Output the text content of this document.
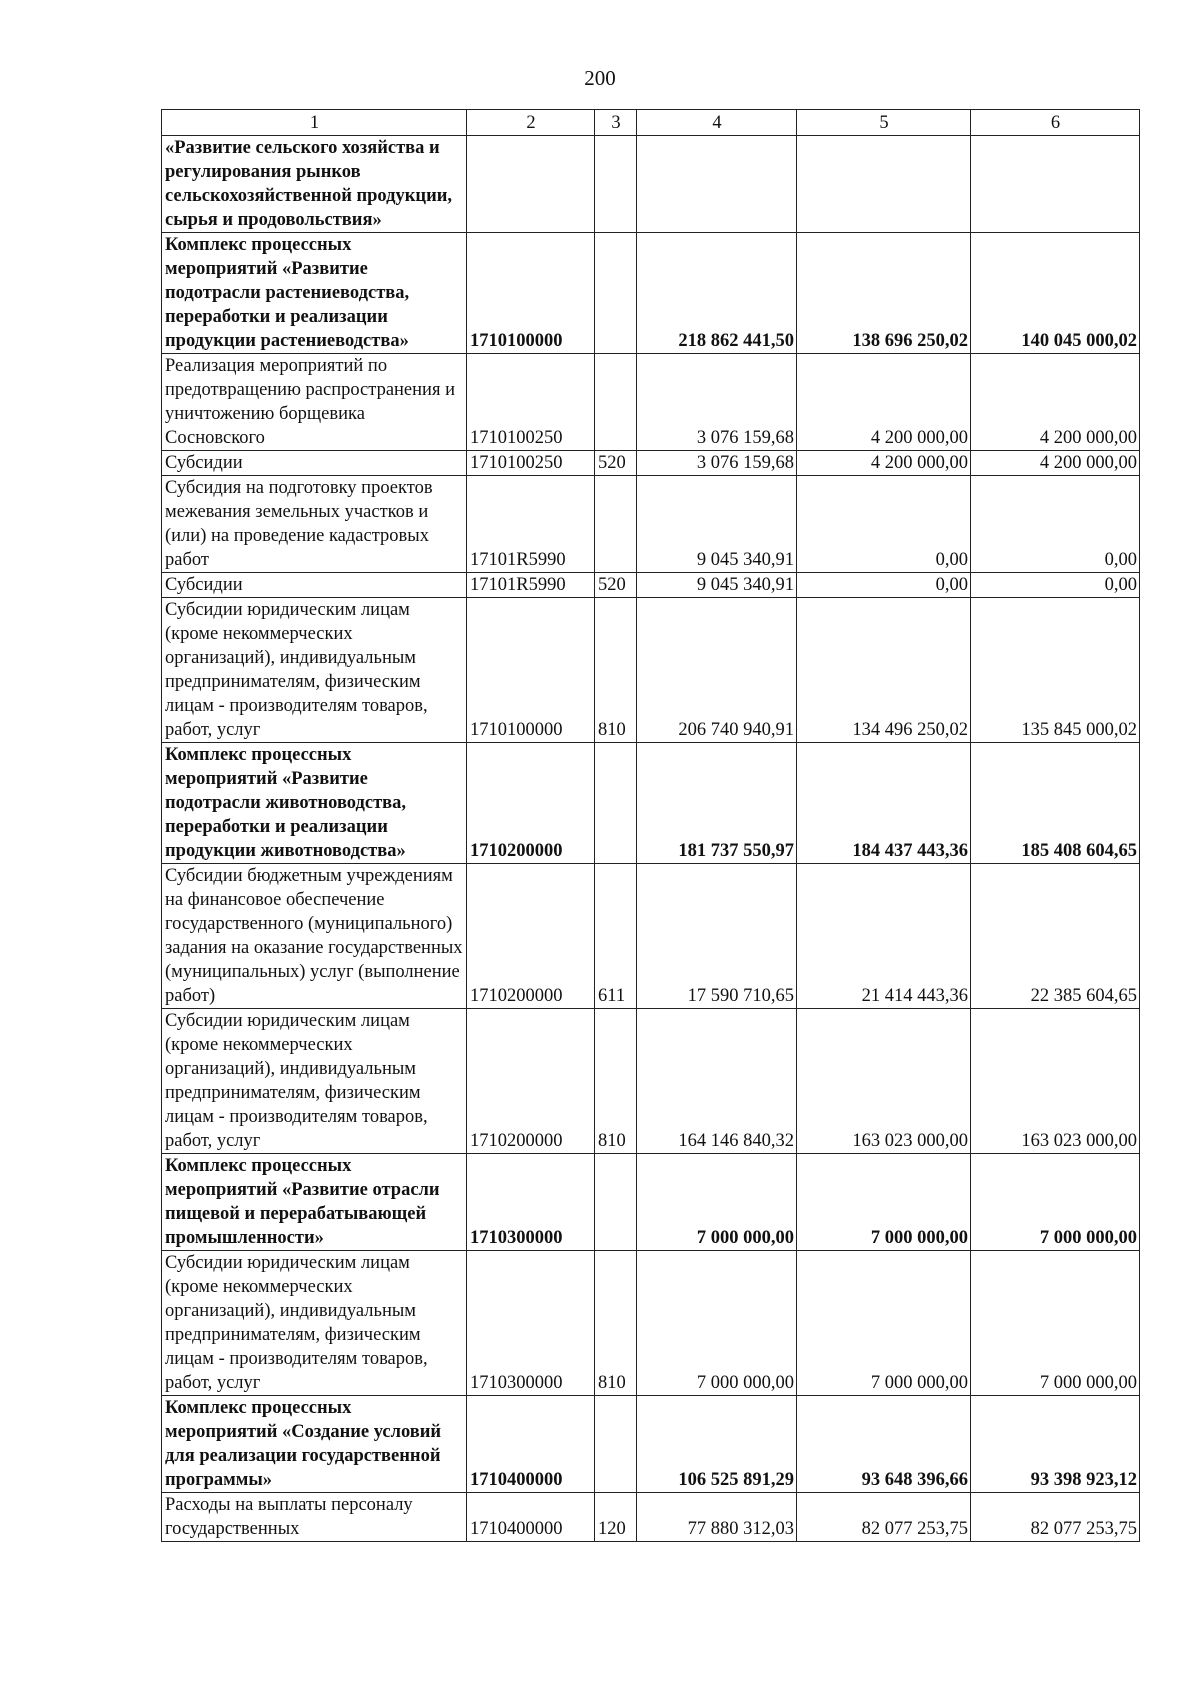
200
1	2	3	4	5	6
«Развитие сельского хозяйства и регулирования рынков сельскохозяйственной продукции, сырья и продовольствия»					
Комплекс процессных мероприятий «Развитие подотрасли растениеводства, переработки и реализации продукции растениеводства»	1710100000		218 862 441,50	138 696 250,02	140 045 000,02
Реализация мероприятий по предотвращению распространения и уничтожению борщевика Сосновского	1710100250		3 076 159,68	4 200 000,00	4 200 000,00
Субсидии	1710100250	520	3 076 159,68	4 200 000,00	4 200 000,00
Субсидия на подготовку проектов межевания земельных участков и (или) на проведение кадастровых работ	17101R5990		9 045 340,91	0,00	0,00
Субсидии	17101R5990	520	9 045 340,91	0,00	0,00
Субсидии юридическим лицам (кроме некоммерческих организаций), индивидуальным предпринимателям, физическим лицам - производителям товаров, работ, услуг	1710100000	810	206 740 940,91	134 496 250,02	135 845 000,02
Комплекс процессных мероприятий «Развитие подотрасли животноводства, переработки и реализации продукции животноводства»	1710200000		181 737 550,97	184 437 443,36	185 408 604,65
Субсидии бюджетным учреждениям на финансовое обеспечение государственного (муниципального) задания на оказание государственных (муниципальных) услуг (выполнение работ)	1710200000	611	17 590 710,65	21 414 443,36	22 385 604,65
Субсидии юридическим лицам (кроме некоммерческих организаций), индивидуальным предпринимателям, физическим лицам - производителям товаров, работ, услуг	1710200000	810	164 146 840,32	163 023 000,00	163 023 000,00
Комплекс процессных мероприятий «Развитие отрасли пищевой и перерабатывающей промышленности»	1710300000		7 000 000,00	7 000 000,00	7 000 000,00
Субсидии юридическим лицам (кроме некоммерческих организаций), индивидуальным предпринимателям, физическим лицам - производителям товаров, работ, услуг	1710300000	810	7 000 000,00	7 000 000,00	7 000 000,00
Комплекс процессных мероприятий «Создание условий для реализации государственной программы»	1710400000		106 525 891,29	93 648 396,66	93 398 923,12
Расходы на выплаты персоналу государственных	1710400000	120	77 880 312,03	82 077 253,75	82 077 253,75
